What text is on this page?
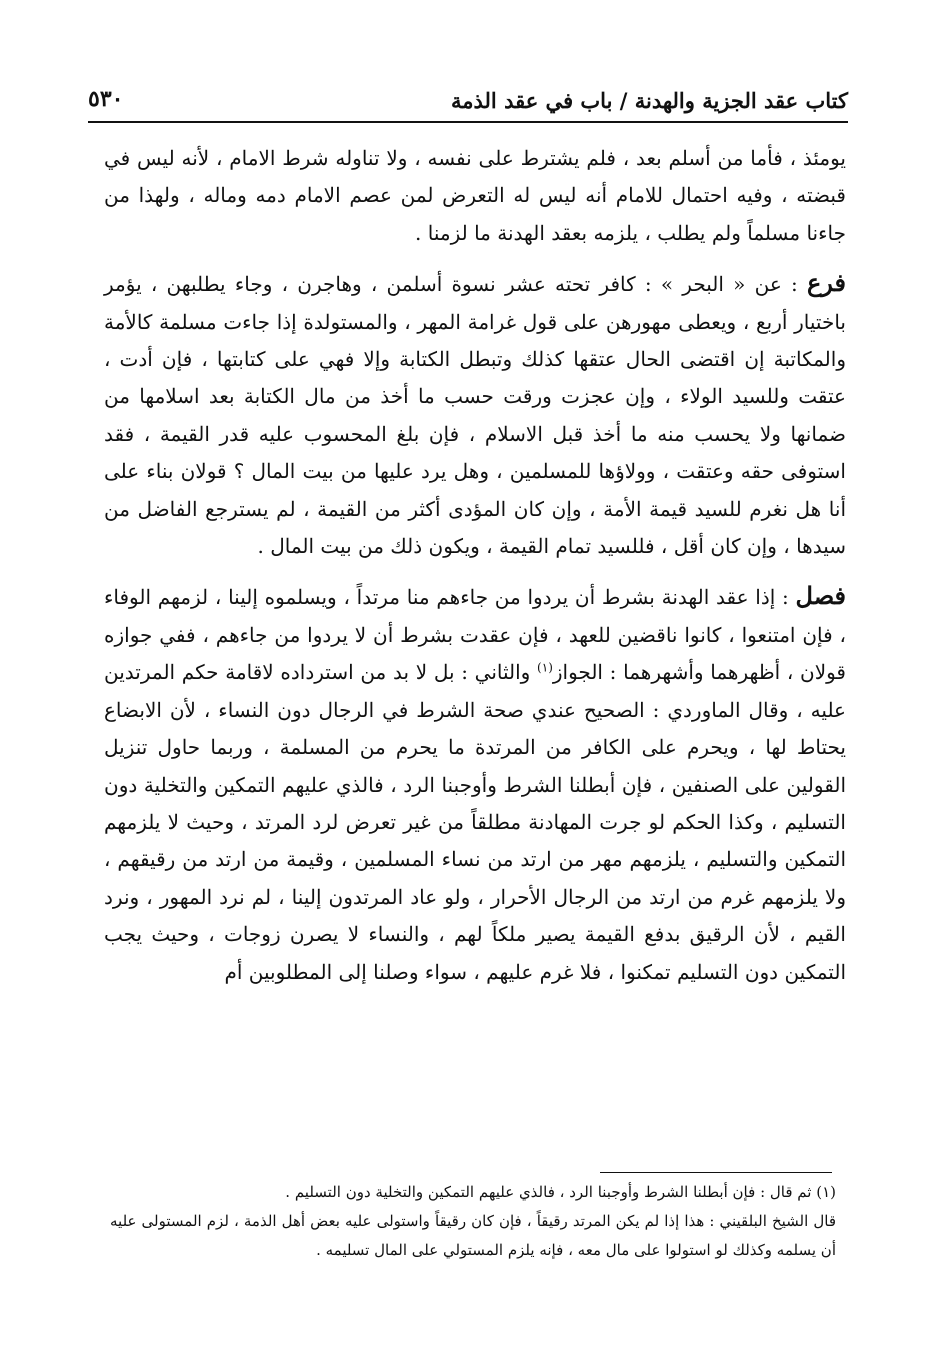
كتاب عقد الجزية والهدنة / باب في عقد الذمة
٥٣٠

يومئذ ، فأما من أسلم بعد ، فلم يشترط على نفسه ، ولا تناوله شرط الامام ، لأنه ليس في قبضته ، وفيه احتمال للامام أنه ليس له التعرض لمن عصم الامام دمه وماله ، ولهذا من جاءنا مسلماً ولم يطلب ، يلزمه بعقد الهدنة ما لزمنا .

فرع : عن « البحر » : كافر تحته عشر نسوة أسلمن ، وهاجرن ، وجاء يطلبهن ، يؤمر باختيار أربع ، ويعطى مهورهن على قول غرامة المهر ، والمستولدة إذا جاءت مسلمة كالأمة والمكاتبة إن اقتضى الحال عتقها كذلك وتبطل الكتابة وإلا فهي على كتابتها ، فإن أدت ، عتقت وللسيد الولاء ، وإن عجزت ورقت حسب ما أخذ من مال الكتابة بعد اسلامها من ضمانها ولا يحسب منه ما أخذ قبل الاسلام ، فإن بلغ المحسوب عليه قدر القيمة ، فقد استوفى حقه وعتقت ، وولاؤها للمسلمين ، وهل يرد عليها من بيت المال ؟ قولان بناء على أنا هل نغرم للسيد قيمة الأمة ، وإن كان المؤدى أكثر من القيمة ، لم يسترجع الفاضل من سيدها ، وإن كان أقل ، فللسيد تمام القيمة ، ويكون ذلك من بيت المال .

فصل : إذا عقد الهدنة بشرط أن يردوا من جاءهم منا مرتداً ، ويسلموه إلينا ، لزمهم الوفاء ، فإن امتنعوا ، كانوا ناقضين للعهد ، فإن عقدت بشرط أن لا يردوا من جاءهم ، ففي جوازه قولان ، أظهرهما وأشهرهما : الجواز$^{(١)}$ والثاني : بل لا بد من استرداده لاقامة حكم المرتدين عليه ، وقال الماوردي : الصحيح عندي صحة الشرط في الرجال دون النساء ، لأن الابضاع يحتاط لها ، ويحرم على الكافر من المرتدة ما يحرم من المسلمة ، وربما حاول تنزيل القولين على الصنفين ، فإن أبطلنا الشرط وأوجبنا الرد ، فالذي عليهم التمكين والتخلية دون التسليم ، وكذا الحكم لو جرت المهادنة مطلقاً من غير تعرض لرد المرتد ، وحيث لا يلزمهم التمكين والتسليم ، يلزمهم مهر من ارتد من نساء المسلمين ، وقيمة من ارتد من رقيقهم ، ولا يلزمهم غرم من ارتد من الرجال الأحرار ، ولو عاد المرتدون إلينا ، لم نرد المهور ، ونرد القيم ، لأن الرقيق بدفع القيمة يصير ملكاً لهم ، والنساء لا يصرن زوجات ، وحيث يجب التمكين دون التسليم تمكنوا ، فلا غرم عليهم ، سواء وصلنا إلى المطلوبين أم

(١) ثم قال : فإن أبطلنا الشرط وأوجبنا الرد ، فالذي عليهم التمكين والتخلية دون التسليم .

قال الشيخ البلقيني : هذا إذا لم يكن المرتد رقيقاً ، فإن كان رقيقاً واستولى عليه بعض أهل الذمة ، لزم المستولى عليه أن يسلمه وكذلك لو استولوا على مال معه ، فإنه يلزم المستولي على المال تسليمه .
